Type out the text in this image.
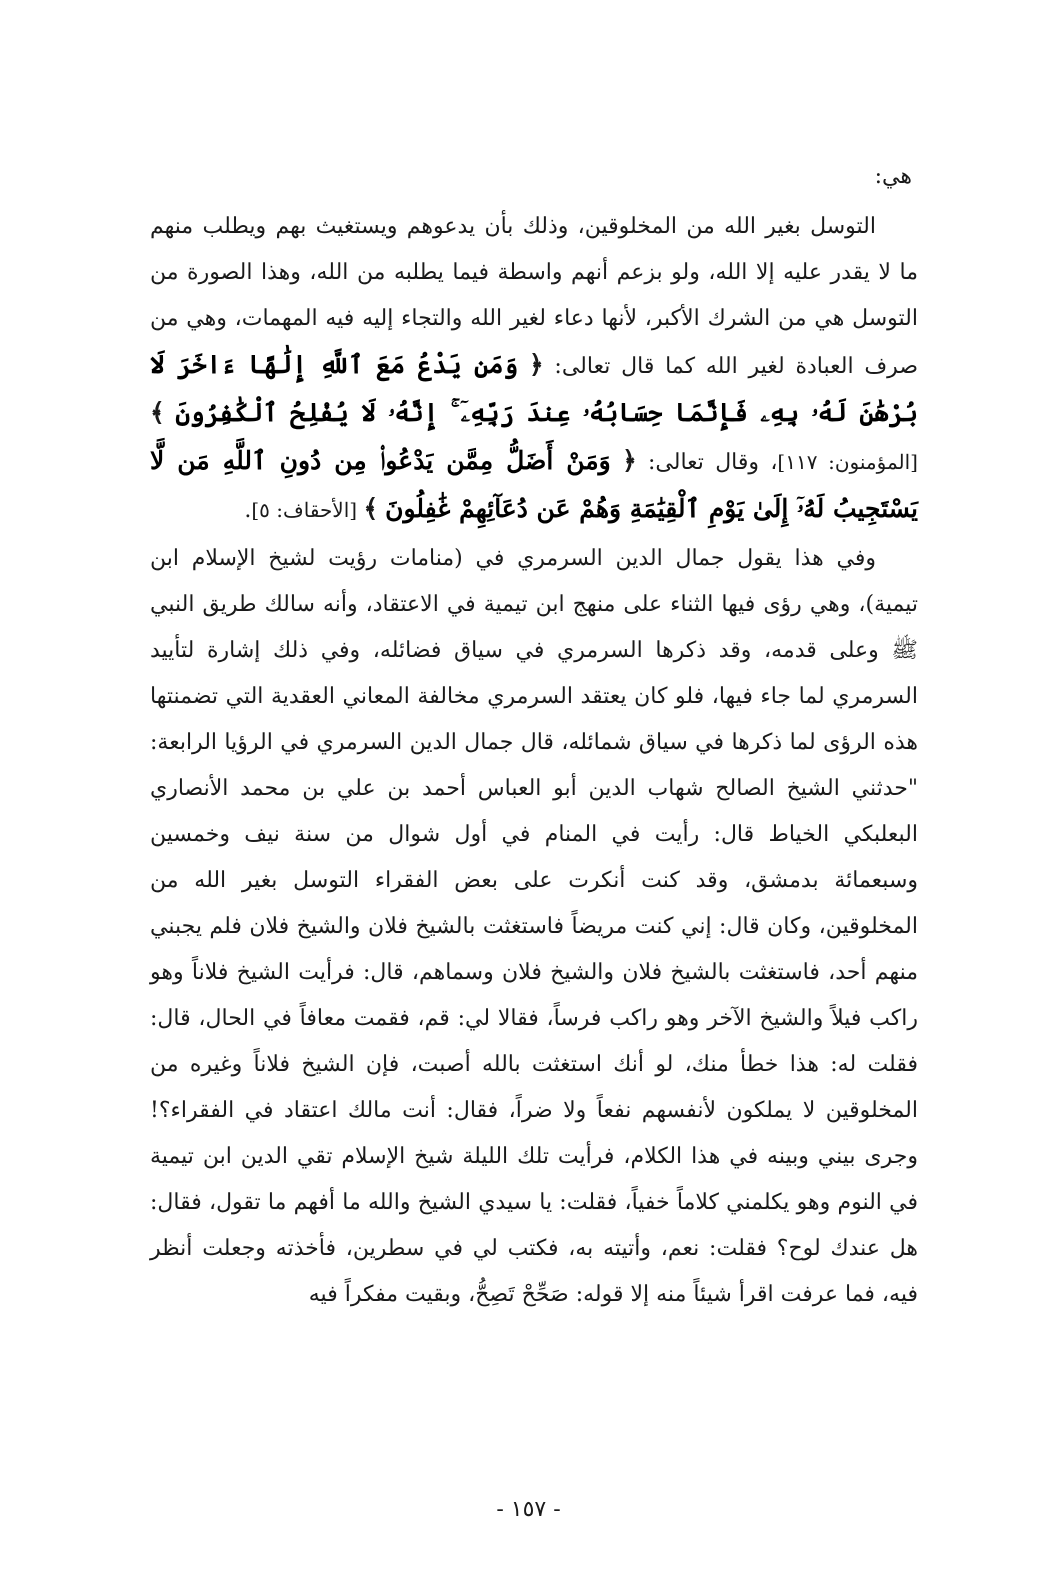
هي:

التوسل بغير الله من المخلوقين، وذلك بأن يدعوهم ويستغيث بهم ويطلب منهم ما لا يقدر عليه إلا الله، ولو بزعم أنهم واسطة فيما يطلبه من الله، وهذا الصورة من التوسل هي من الشرك الأكبر، لأنها دعاء لغير الله والتجاء إليه فيه المهمات، وهي من صرف العبادة لغير الله كما قال تعالى: ﴿ وَمَن يَدْعُ مَعَ ٱللَّهِ إِلَٰهًا ءَاخَرَ لَا بُرْهَٰنَ لَهُۥ بِهِۦ فَإِنَّمَا حِسَابُهُۥ عِندَ رَبِّهِۦٓ ۚ إِنَّهُۥ لَا يُفْلِحُ ٱلْكَٰفِرُونَ ﴾ [المؤمنون: ١١٧]، وقال تعالى: ﴿ وَمَنْ أَضَلُّ مِمَّن يَدْعُوا۟ مِن دُونِ ٱللَّهِ مَن لَّا يَسْتَجِيبُ لَهُۥٓ إِلَىٰ يَوْمِ ٱلْقِيَٰمَةِ وَهُمْ عَن دُعَآئِهِمْ غَٰفِلُونَ ﴾ [الأحقاف: ٥].

وفي هذا يقول جمال الدين السرمري في (منامات رؤيت لشيخ الإسلام ابن تيمية)، وهي رؤى فيها الثناء على منهج ابن تيمية في الاعتقاد، وأنه سالك طريق النبي ﷺ وعلى قدمه، وقد ذكرها السرمري في سياق فضائله، وفي ذلك إشارة لتأييد السرمري لما جاء فيها، فلو كان يعتقد السرمري مخالفة المعاني العقدية التي تضمنتها هذه الرؤى لما ذكرها في سياق شمائله، قال جمال الدين السرمري في الرؤيا الرابعة: "حدثني الشيخ الصالح شهاب الدين أبو العباس أحمد بن علي بن محمد الأنصاري البعلبكي الخياط قال: رأيت في المنام في أول شوال من سنة نيف وخمسين وسبعمائة بدمشق، وقد كنت أنكرت على بعض الفقراء التوسل بغير الله من المخلوقين، وكان قال: إني كنت مريضاً فاستغثت بالشيخ فلان والشيخ فلان فلم يجبني منهم أحد، فاستغثت بالشيخ فلان والشيخ فلان وسماهم، قال: فرأيت الشيخ فلاناً وهو راكب فيلاً والشيخ الآخر وهو راكب فرساً، فقالا لي: قم، فقمت معافاً في الحال، قال: فقلت له: هذا خطأ منك، لو أنك استغثت بالله أصبت، فإن الشيخ فلاناً وغيره من المخلوقين لا يملكون لأنفسهم نفعاً ولا ضراً، فقال: أنت مالك اعتقاد في الفقراء؟! وجرى بيني وبينه في هذا الكلام، فرأيت تلك الليلة شيخ الإسلام تقي الدين ابن تيمية في النوم وهو يكلمني كلاماً خفياً، فقلت: يا سيدي الشيخ والله ما أفهم ما تقول، فقال: هل عندك لوح؟ فقلت: نعم، وأتيته به، فكتب لي في سطرين، فأخذته وجعلت أنظر فيه، فما عرفت اقرأ شيئاً منه إلا قوله: صَحِّحْ تَصِحُّ، وبقيت مفكراً فيه

- ١٥٧ -
